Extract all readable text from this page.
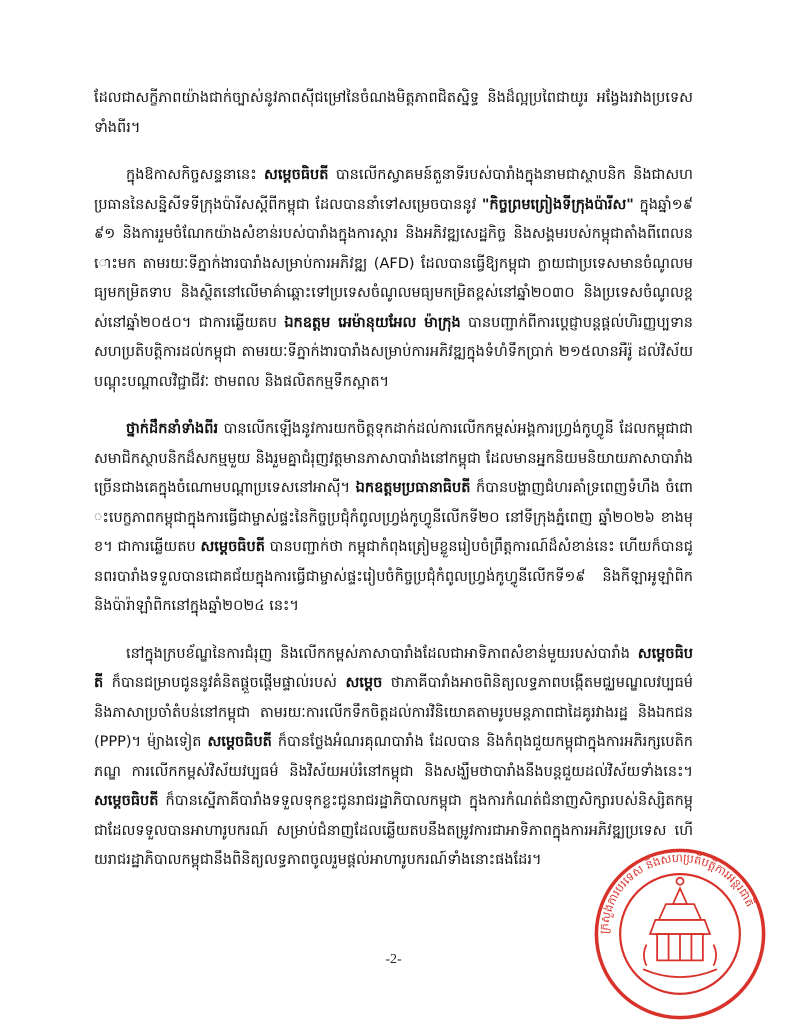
ដែលជាសក្ខីភាពយ៉ាងជាក់ច្បាស់នូវភាពស៊ីជម្រៅនៃចំណងមិត្តភាពជិតស្និទ្ធ និងដ៏ល្អប្រពៃជាយូរ អង្វែងរវាងប្រទេសទាំងពីរ។

ក្នុងឱកាសកិច្ចសន្ទនានេះ សម្តេចធិបតី បានលើកស្វាគមន៍តួនាទីរបស់បារាំងក្នុងនាមជាស្ថាបនិក និងជាសហប្រធាននៃសន្និសីទទីក្រុងប៉ារីសស្តីពីកម្ពុជា ដែលបាននាំទៅសម្រេចបាននូវ "កិច្ចព្រមព្រៀងទីក្រុងប៉ារីស" ក្នុងឆ្នាំ១៩៩១ និងការរួមចំណែកយ៉ាងសំខាន់របស់បារាំងក្នុងការស្តារ និងអភិវឌ្ឍសេដ្ឋកិច្ច និងសង្គមរបស់កម្ពុជាតាំងពីពេលនោះមក តាមរយៈទីភ្នាក់ងារបារាំងសម្រាប់ការអភិវឌ្ឍ (AFD) ដែលបានធ្វើឱ្យកម្ពុជា ក្លាយជាប្រទេសមានចំណូលមធ្យមកម្រិតទាប និងស្ថិតនៅលើមាគ៌ាឆ្ពោះទៅប្រទេសចំណូលមធ្យមកម្រិតខ្ពស់នៅឆ្នាំ២០៣០ និងប្រទេសចំណូលខ្ពស់នៅឆ្នាំ២០៥០។ ជាការឆ្លើយតប ឯកឧត្តម អេម៉ានុយអែល ម៉ាក្រុង បានបញ្ជាក់ពីការប្តេជ្ញាបន្តផ្តល់ហិរញ្ញប្បទានសហប្រតិបត្តិការដល់កម្ពុជា តាមរយៈទីភ្នាក់ងារបារាំងសម្រាប់ការអភិវឌ្ឍក្នុងទំហំទឹកប្រាក់ ២១៥លានអឺរ៉ូ ដល់វិស័យបណ្តុះបណ្តាលវិជ្ជាជីវៈ ថាមពល និងផលិតកម្មទឹកស្អាត។

ថ្នាក់ដឹកនាំទាំងពីរ បានលើកឡើងនូវការយកចិត្តទុកដាក់ដល់ការលើកកម្ពស់អង្គការហ្វ្រង់កូហ្វូនី ដែលកម្ពុជាជាសមាជិកស្ថាបនិកដ៏សកម្មមួយ និងរួមគ្នាជំរុញវត្តមានភាសាបារាំងនៅកម្ពុជា ដែលមានអ្នកនិយមនិយាយភាសាបារាំងច្រើនជាងគេក្នុងចំណោមបណ្តាប្រទេសនៅអាស៊ី។ ឯកឧត្តមប្រធានាធិបតី ក៏បានបង្ហាញជំហរគាំទ្រពេញទំហឹង ចំពោះបេក្ខភាពកម្ពុជាក្នុងការធ្វើជាម្ចាស់ផ្ទះនៃកិច្ចប្រជុំកំពូលហ្វ្រង់កូហ្វូនីលើកទី២០ នៅទីក្រុងភ្នំពេញ ឆ្នាំ២០២៦ ខាងមុខ។ ជាការឆ្លើយតប សម្តេចធិបតី បានបញ្ជាក់ថា កម្ពុជាកំពុងត្រៀមខ្លួនរៀបចំព្រឹត្តការណ៍ដ៏សំខាន់នេះ ហើយក៏បានជូនពរបារាំងទទួលបានជោគជ័យក្នុងការធ្វើជាម្ចាស់ផ្ទះរៀបចំកិច្ចប្រជុំកំពូលហ្វ្រង់កូហ្វូនីលើកទី១៩ និងកីឡាអូឡាំពិក និងប៉ារ៉ាឡាំពិកនៅក្នុងឆ្នាំ២០២៤ នេះ។

នៅក្នុងក្របខ័ណ្ឌនៃការជំរុញ និងលើកកម្ពស់ភាសាបារាំងដែលជាអាទិភាពសំខាន់មួយរបស់បារាំង សម្តេចធិបតី ក៏បានជម្រាបជូននូវគំនិតផ្តួចផ្តើមផ្ទាល់របស់ សម្តេច ថាភាគីបារាំងអាចពិនិត្យលទ្ធភាពបង្កើតមជ្ឈមណ្ឌលវប្បធម៌ និងភាសាប្រចាំតំបន់នៅកម្ពុជា តាមរយៈការលើកទឹកចិត្តដល់ការវិនិយោគតាមរូបមន្តភាពជាដៃគូរវាងរដ្ឋ និងឯកជន(PPP)។ ម៉្យាងទៀត សម្តេចធិបតី ក៏បានថ្លែងអំណរគុណបារាំង ដែលបាន និងកំពុងជួយកម្ពុជាក្នុងការអភិរក្សបេតិកភណ្ឌ ការលើកកម្ពស់វិស័យវប្បធម៌ និងវិស័យអប់រំនៅកម្ពុជា និងសង្ឃឹមថាបារាំងនឹងបន្តជួយដល់វិស័យទាំងនេះ។ សម្តេចធិបតី ក៏បានស្នើភាគីបារាំងទទួលទុកខ្លះជូនរាជរដ្ឋាភិបាលកម្ពុជា ក្នុងការកំណត់ជំនាញសិក្សារបស់និស្សិតកម្ពុជាដែលទទួលបានអាហារូបករណ៍ សម្រាប់ជំនាញដែលឆ្លើយតបនឹងតម្រូវការជាអាទិភាពក្នុងការអភិវឌ្ឍប្រទេស ហើយរាជរដ្ឋាភិបាលកម្ពុជានឹងពិនិត្យលទ្ធភាពចូលរួមផ្តល់អាហារូបករណ៍ទាំងនោះផងដែរ។

ក្រសួងការបរទេស និងសហប្រតិបត្តិការអន្តរជាតិ
-2-
